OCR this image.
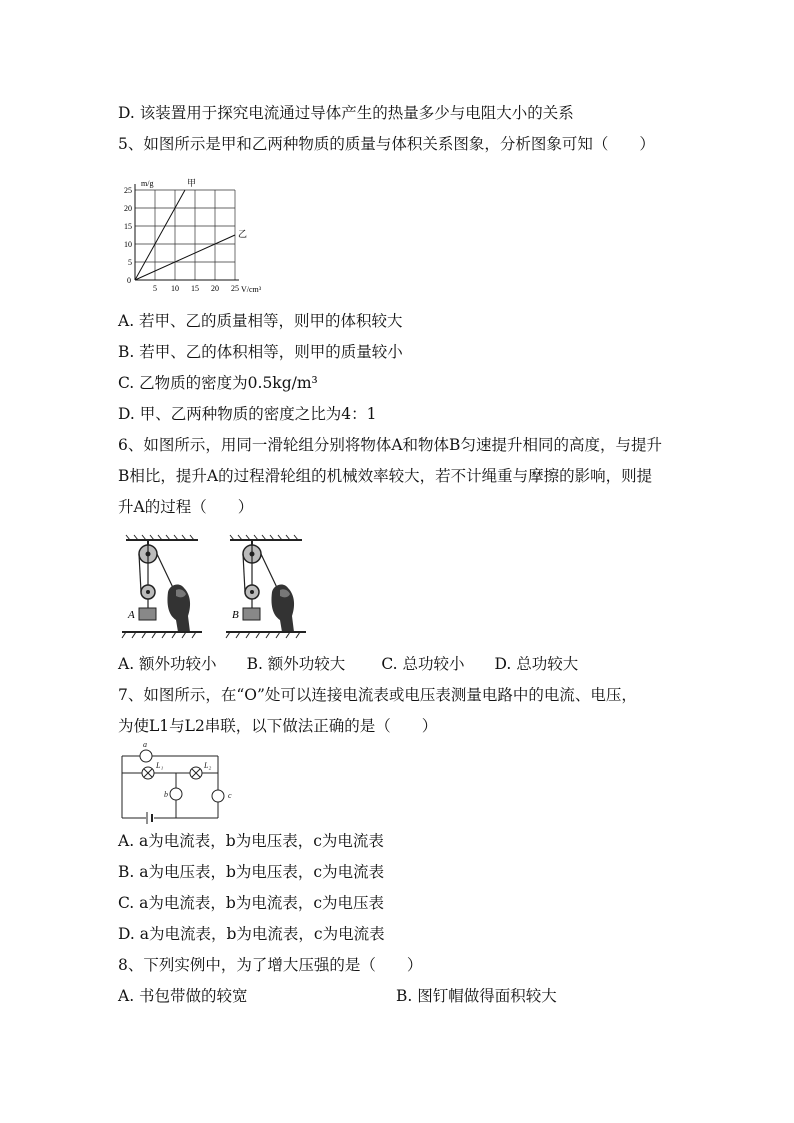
D. 该装置用于探究电流通过导体产生的热量多少与电阻大小的关系
5、如图所示是甲和乙两种物质的质量与体积关系图象，分析图象可知（　　）
5 10 15 20 25
5
10
15
20
25
0
m/g
V/cm³
甲
乙
A. 若甲、乙的质量相等，则甲的体积较大
B. 若甲、乙的体积相等，则甲的质量较小
C. 乙物质的密度为0.5kg/m³
D. 甲、乙两种物质的密度之比为4：1
6、如图所示，用同一滑轮组分别将物体A和物体B匀速提升相同的高度，与提升
B相比，提升A的过程滑轮组的机械效率较大，若不计绳重与摩擦的影响，则提
升A的过程（　　）
A	B
A. 额外功较小 B. 额外功较大 C. 总功较小 D. 总功较大
7、如图所示，在“O”处可以连接电流表或电压表测量电路中的电流、电压，
为使L1与L2串联，以下做法正确的是（　　）
a
L₁	L₂
b	c
A. a为电流表，b为电压表，c为电流表
B. a为电压表，b为电压表，c为电流表
C. a为电流表，b为电流表，c为电压表
D. a为电流表，b为电流表，c为电流表
8、下列实例中，为了增大压强的是（　　）
A. 书包带做的较宽	B. 图钉帽做得面积较大
